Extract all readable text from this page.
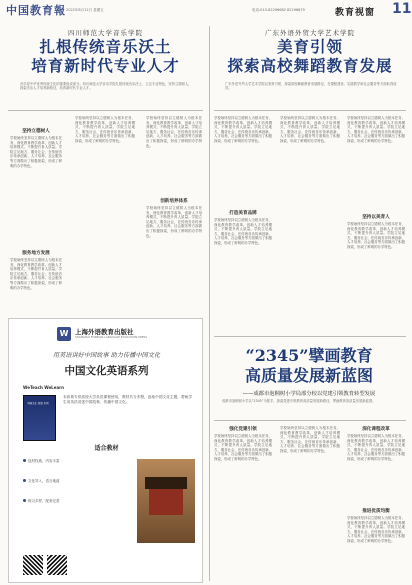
中国教育報 2022年8月12日 星期五	电话:010-82296682 82296679	教育视窗 11
四川师范大学音乐学院
扎根传统音乐沃土
培育新时代专业人才
音乐是中华优秀传统文化的重要组成部分。四川师范大学音乐学院扎根传统音乐沃土，立足专业特色，坚持立德树人，探索音乐人才培养新路径，培育新时代专业人才。
坚持立德树人
学校始终坚持以立德树人为根本任务，深化教育教学改革，创新人才培养模式，不断提升育人质量。学院立足地方，服务社会，在传统音乐传承创新、人才培养、社会服务等方面做出了积极探索，形成了鲜明的办学特色。
服务地方发展
学校始终坚持以立德树人为根本任务，深化教育教学改革，创新人才培养模式，不断提升育人质量。学院立足地方，服务社会，在传统音乐传承创新、人才培养、社会服务等方面做出了积极探索，形成了鲜明的办学特色。
学校始终坚持以立德树人为根本任务，深化教育教学改革，创新人才培养模式，不断提升育人质量。学院立足地方，服务社会，在传统音乐传承创新、人才培养、社会服务等方面做出了积极探索，形成了鲜明的办学特色。
创新培养体系
学校始终坚持以立德树人为根本任务，深化教育教学改革，创新人才培养模式，不断提升育人质量。学院立足地方，服务社会，在传统音乐传承创新、人才培养、社会服务等方面做出了积极探索，形成了鲜明的办学特色。
学校始终坚持以立德树人为根本任务，深化教育教学改革，创新人才培养模式，不断提升育人质量。学院立足地方，服务社会，在传统音乐传承创新、人才培养、社会服务等方面做出了积极探索，形成了鲜明的办学特色。
广东外语外贸大学艺术学院
美育引领
探索高校舞蹈教育发展
广东外语外贸大学艺术学院以美育引领，探索高校舞蹈教育发展路径，在课程建设、实践教学和社会服务等方面取得成效。
学校始终坚持以立德树人为根本任务，深化教育教学改革，创新人才培养模式，不断提升育人质量。学院立足地方，服务社会，在传统音乐传承创新、人才培养、社会服务等方面做出了积极探索，形成了鲜明的办学特色。
打造美育品牌
学校始终坚持以立德树人为根本任务，深化教育教学改革，创新人才培养模式，不断提升育人质量。学院立足地方，服务社会，在传统音乐传承创新、人才培养、社会服务等方面做出了积极探索，形成了鲜明的办学特色。
学校始终坚持以立德树人为根本任务，深化教育教学改革，创新人才培养模式，不断提升育人质量。学院立足地方，服务社会，在传统音乐传承创新、人才培养、社会服务等方面做出了积极探索，形成了鲜明的办学特色。
学校始终坚持以立德树人为根本任务，深化教育教学改革，创新人才培养模式，不断提升育人质量。学院立足地方，服务社会，在传统音乐传承创新、人才培养、社会服务等方面做出了积极探索，形成了鲜明的办学特色。
坚持以美育人
学校始终坚持以立德树人为根本任务，深化教育教学改革，创新人才培养模式，不断提升育人质量。学院立足地方，服务社会，在传统音乐传承创新、人才培养、社会服务等方面做出了积极探索，形成了鲜明的办学特色。
W	上海外语教育出版社
SHANGHAI FOREIGN LANGUAGE EDUCATION PRESS
用英语讲好中国故事 助力传播中国文化
中国文化英语系列
WeTeach WeLearn
中国文化 英语 系列
本套系专供高校大学英语课程使用，教材共分多册，选取中国文化主题，帮助学生用英语讲述中国故事，传播中国文化。
适合教材
选材权威，内容丰富
文化导入，语言地道
练习多样，配套完善
“2345”擘画教育
高质量发展新蓝图
——成都市泡桐树小学局部分校以党建引领教育转型发展
成都市泡桐树小学以“2345”为抓手，探索党建引领教育高质量发展新路径，擘画教育高质量发展新蓝图。
强化党建引领
学校始终坚持以立德树人为根本任务，深化教育教学改革，创新人才培养模式，不断提升育人质量。学院立足地方，服务社会，在传统音乐传承创新、人才培养、社会服务等方面做出了积极探索，形成了鲜明的办学特色。
学校始终坚持以立德树人为根本任务，深化教育教学改革，创新人才培养模式，不断提升育人质量。学院立足地方，服务社会，在传统音乐传承创新、人才培养、社会服务等方面做出了积极探索，形成了鲜明的办学特色。
深化课程改革
学校始终坚持以立德树人为根本任务，深化教育教学改革，创新人才培养模式，不断提升育人质量。学院立足地方，服务社会，在传统音乐传承创新、人才培养、社会服务等方面做出了积极探索，形成了鲜明的办学特色。
推进优质均衡
学校始终坚持以立德树人为根本任务，深化教育教学改革，创新人才培养模式，不断提升育人质量。学院立足地方，服务社会，在传统音乐传承创新、人才培养、社会服务等方面做出了积极探索，形成了鲜明的办学特色。
